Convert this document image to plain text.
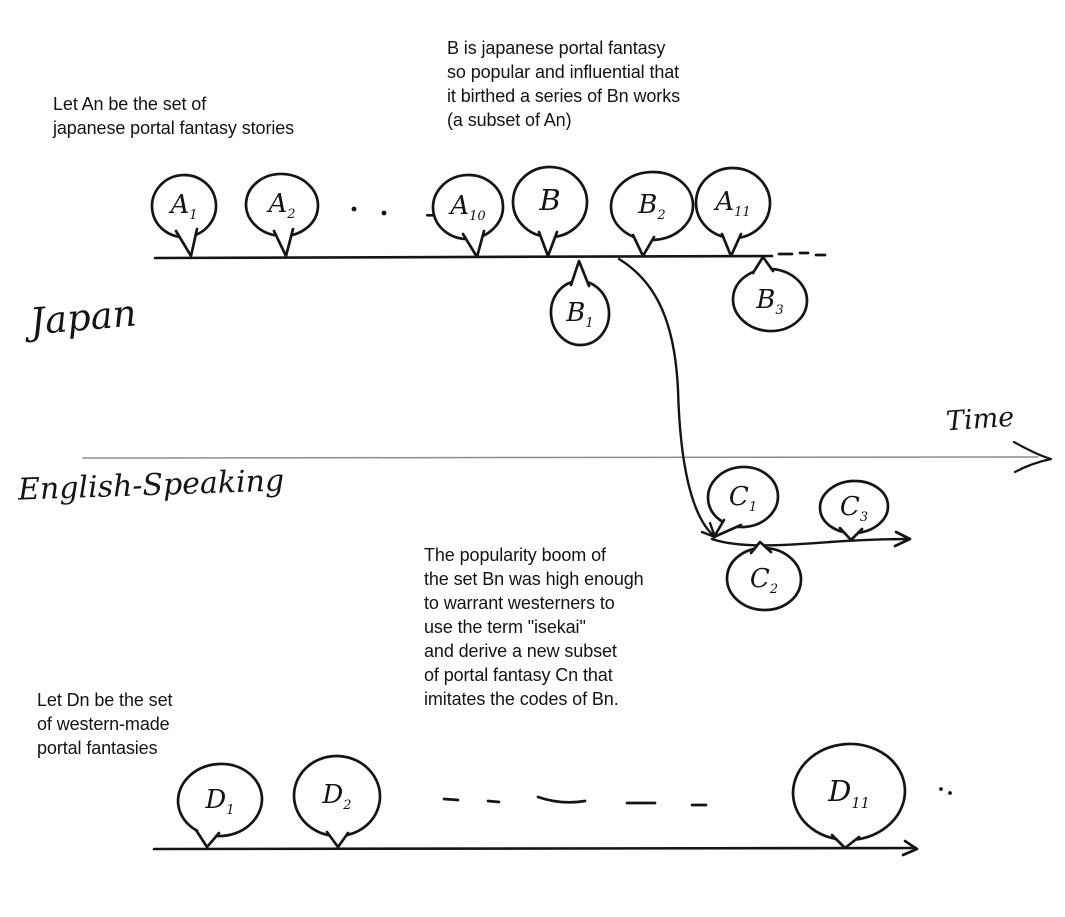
Let An be the set of
japanese portal fantasy stories
B is japanese portal fantasy
so popular and influential that
it birthed a series of Bn works
(a subset of An)
The popularity boom of
the set Bn was high enough
to warrant westerners to
use the term "isekai"
and derive a new subset
of portal fantasy Cn that
imitates the codes of Bn.
Let Dn be the set
of western-made
portal fantasies
Japan
English-Speaking
Time
$A_1$	$A_2$	$A_{10}$	B	$B_2$	$A_{11}$
$B_1$
$B_3$
$C_1$
$C_2$
$C_3$
$D_1$
$D_2$	$D_{11}$
